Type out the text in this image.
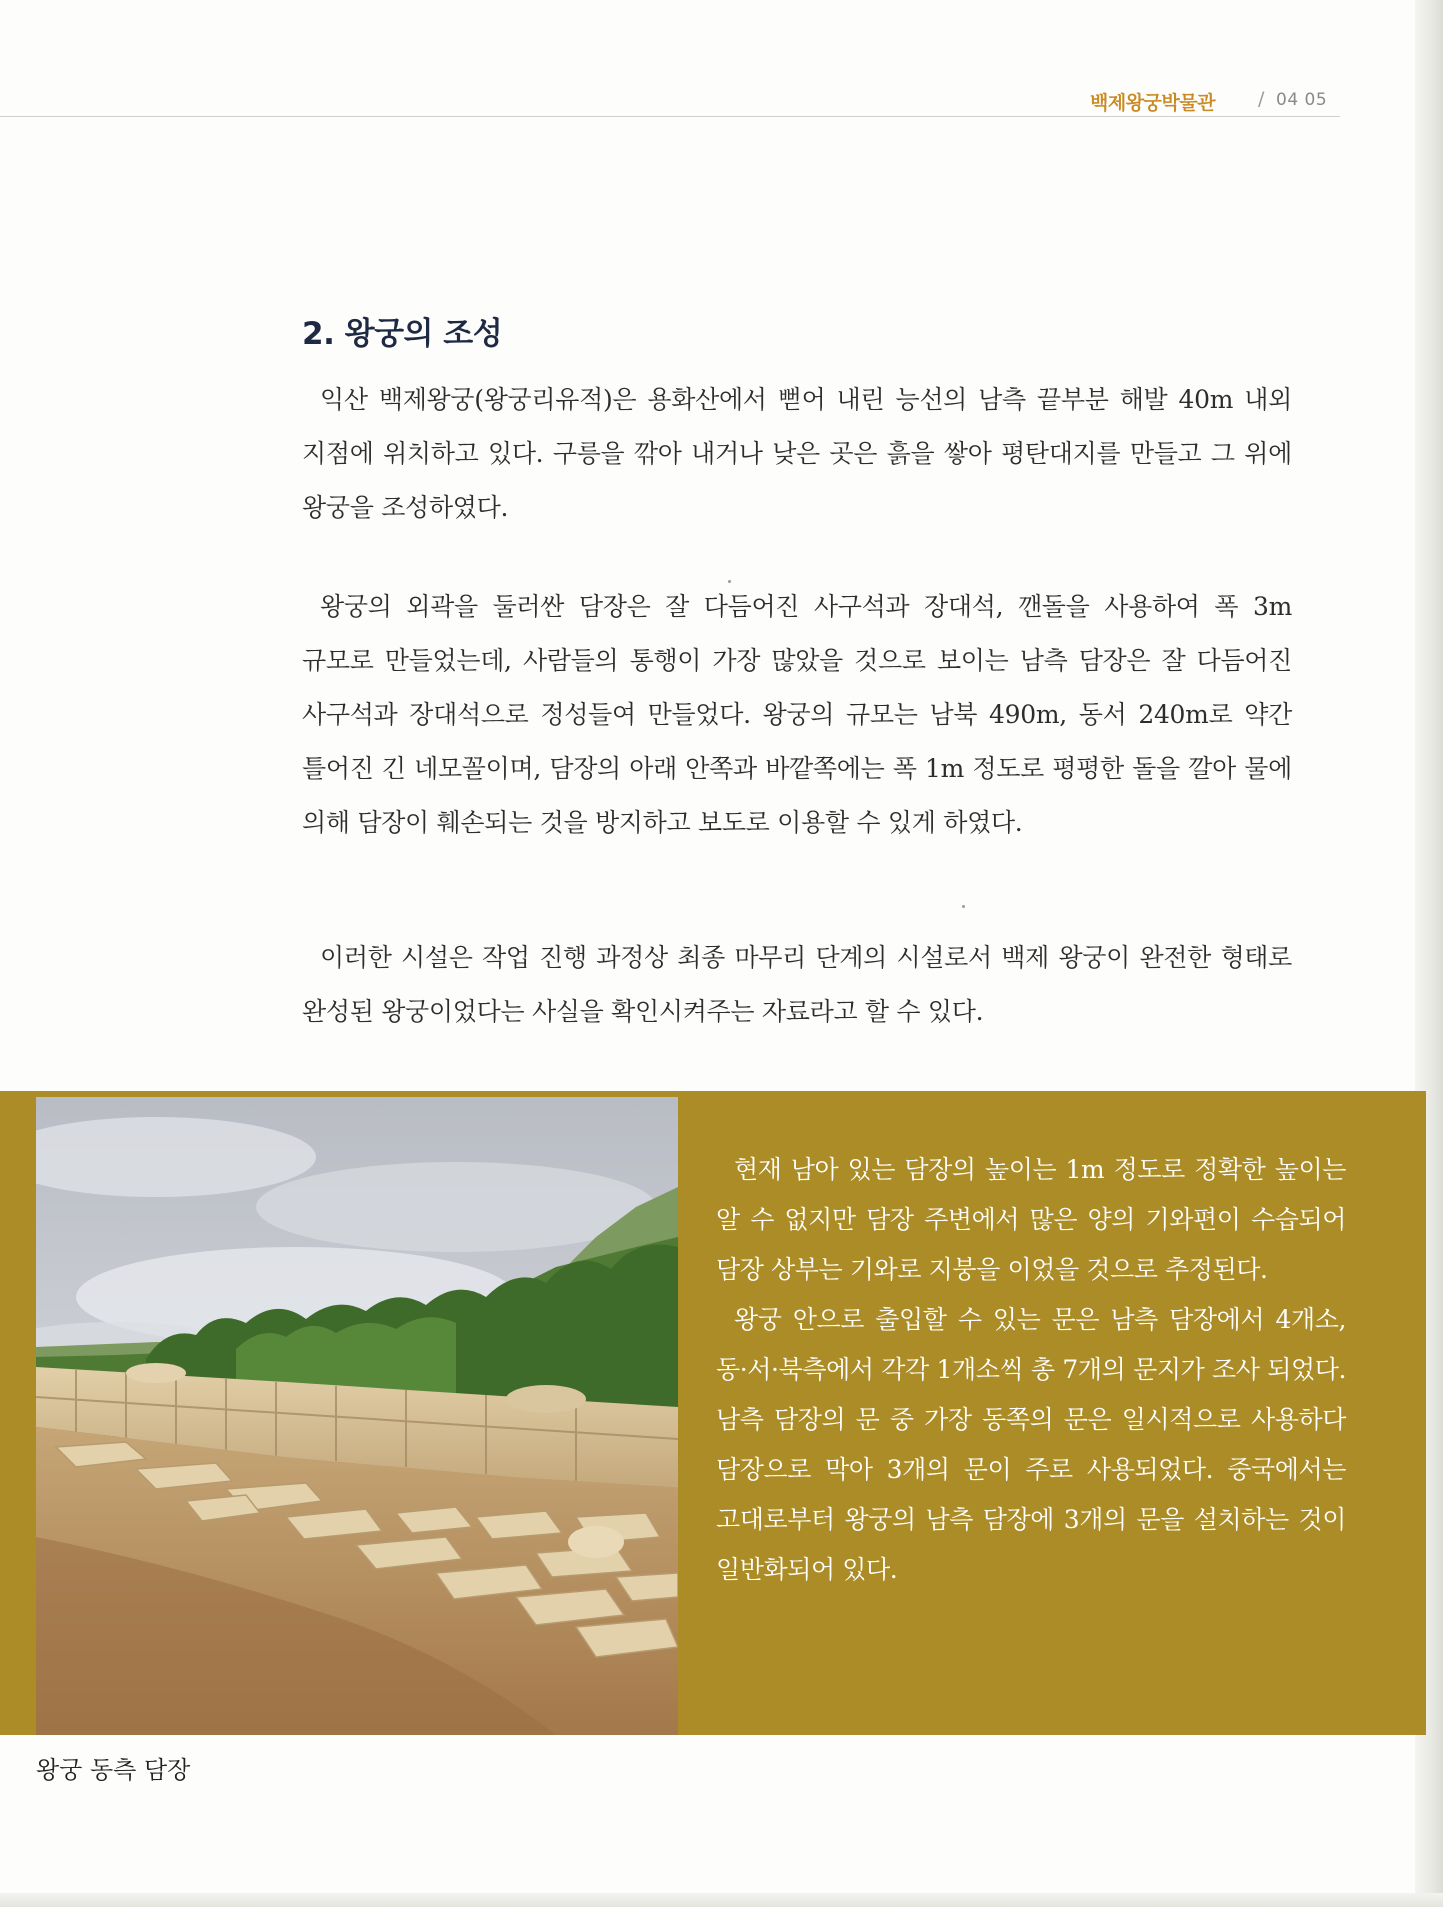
백제왕궁박물관 / 04 05
2. 왕궁의 조성

익산 백제왕궁(왕궁리유적)은 용화산에서 뻗어 내린 능선의 남측 끝부분 해발 40m 내외 지점에 위치하고 있다. 구릉을 깎아 내거나 낮은 곳은 흙을 쌓아 평탄대지를 만들고 그 위에 왕궁을 조성하였다.

왕궁의 외곽을 둘러싼 담장은 잘 다듬어진 사구석과 장대석, 깬돌을 사용하여 폭 3m 규모로 만들었는데, 사람들의 통행이 가장 많았을 것으로 보이는 남측 담장은 잘 다듬어진 사구석과 장대석으로 정성들여 만들었다. 왕궁의 규모는 남북 490m, 동서 240m로 약간 틀어진 긴 네모꼴이며, 담장의 아래 안쪽과 바깥쪽에는 폭 1m 정도로 평평한 돌을 깔아 물에 의해 담장이 훼손되는 것을 방지하고 보도로 이용할 수 있게 하였다.

이러한 시설은 작업 진행 과정상 최종 마무리 단계의 시설로서 백제 왕궁이 완전한 형태로 완성된 왕궁이었다는 사실을 확인시켜주는 자료라고 할 수 있다.

현재 남아 있는 담장의 높이는 1m 정도로 정확한 높이는 알 수 없지만 담장 주변에서 많은 양의 기와편이 수습되어 담장 상부는 기와로 지붕을 이었을 것으로 추정된다.

왕궁 안으로 출입할 수 있는 문은 남측 담장에서 4개소, 동·서·북측에서 각각 1개소씩 총 7개의 문지가 조사 되었다. 남측 담장의 문 중 가장 동쪽의 문은 일시적으로 사용하다 담장으로 막아 3개의 문이 주로 사용되었다. 중국에서는 고대로부터 왕궁의 남측 담장에 3개의 문을 설치하는 것이 일반화되어 있다.

왕궁 동측 담장
